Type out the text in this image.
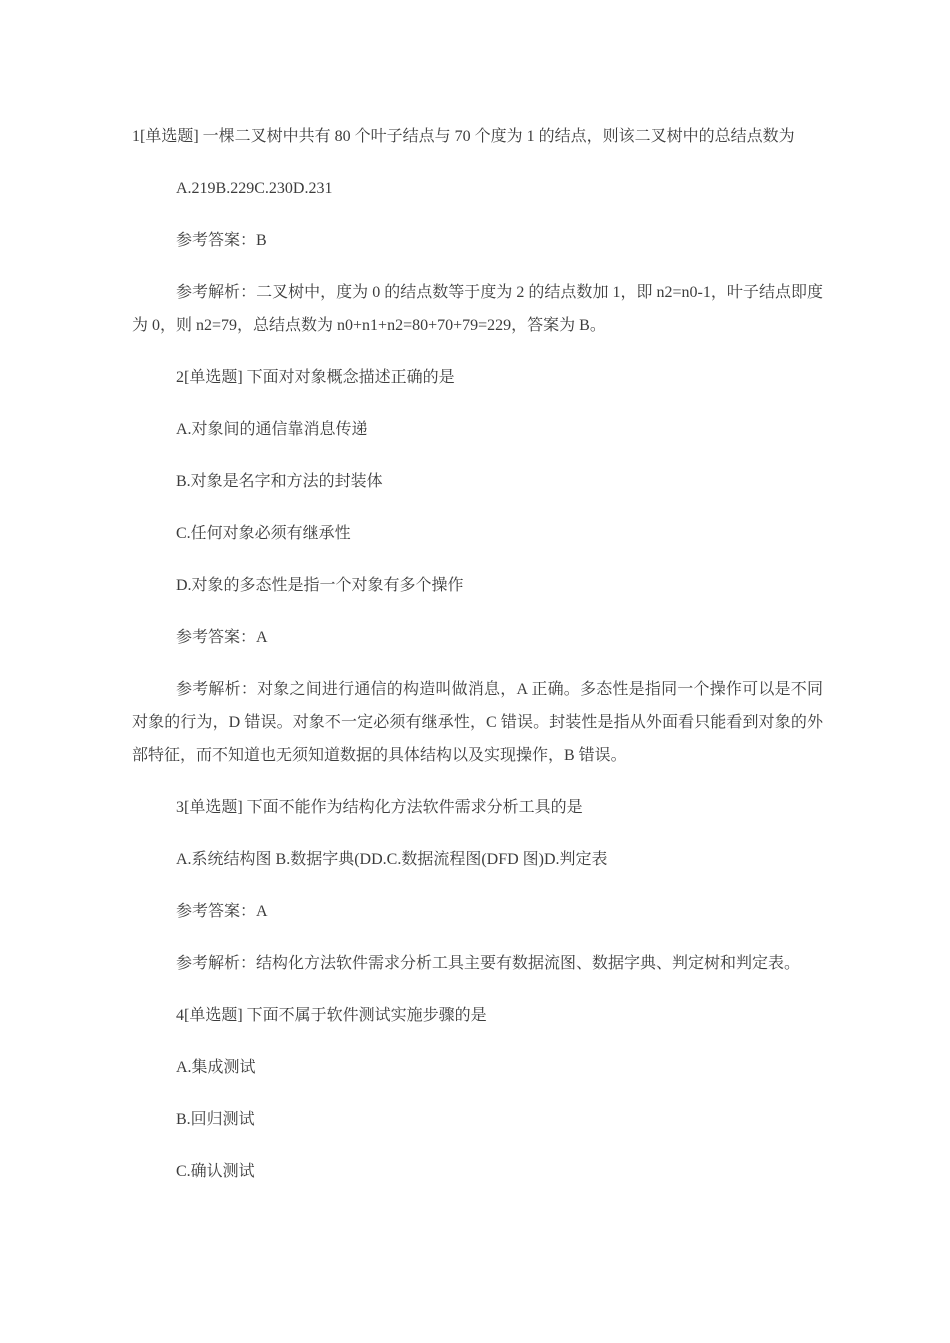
1[单选题] 一棵二叉树中共有 80 个叶子结点与 70 个度为 1 的结点，则该二叉树中的总结点数为

A.219B.229C.230D.231

参考答案：B

参考解析：二叉树中，度为 0 的结点数等于度为 2 的结点数加 1，即 n2=n0-1，叶子结点即度为 0，则 n2=79，总结点数为 n0+n1+n2=80+70+79=229，答案为 B。

2[单选题] 下面对对象概念描述正确的是

A.对象间的通信靠消息传递

B.对象是名字和方法的封装体

C.任何对象必须有继承性

D.对象的多态性是指一个对象有多个操作

参考答案：A

参考解析：对象之间进行通信的构造叫做消息，A 正确。多态性是指同一个操作可以是不同对象的行为，D 错误。对象不一定必须有继承性，C 错误。封装性是指从外面看只能看到对象的外部特征，而不知道也无须知道数据的具体结构以及实现操作，B 错误。

3[单选题] 下面不能作为结构化方法软件需求分析工具的是

A.系统结构图 B.数据字典(DD.C.数据流程图(DFD 图)D.判定表

参考答案：A

参考解析：结构化方法软件需求分析工具主要有数据流图、数据字典、判定树和判定表。

4[单选题] 下面不属于软件测试实施步骤的是

A.集成测试

B.回归测试

C.确认测试
